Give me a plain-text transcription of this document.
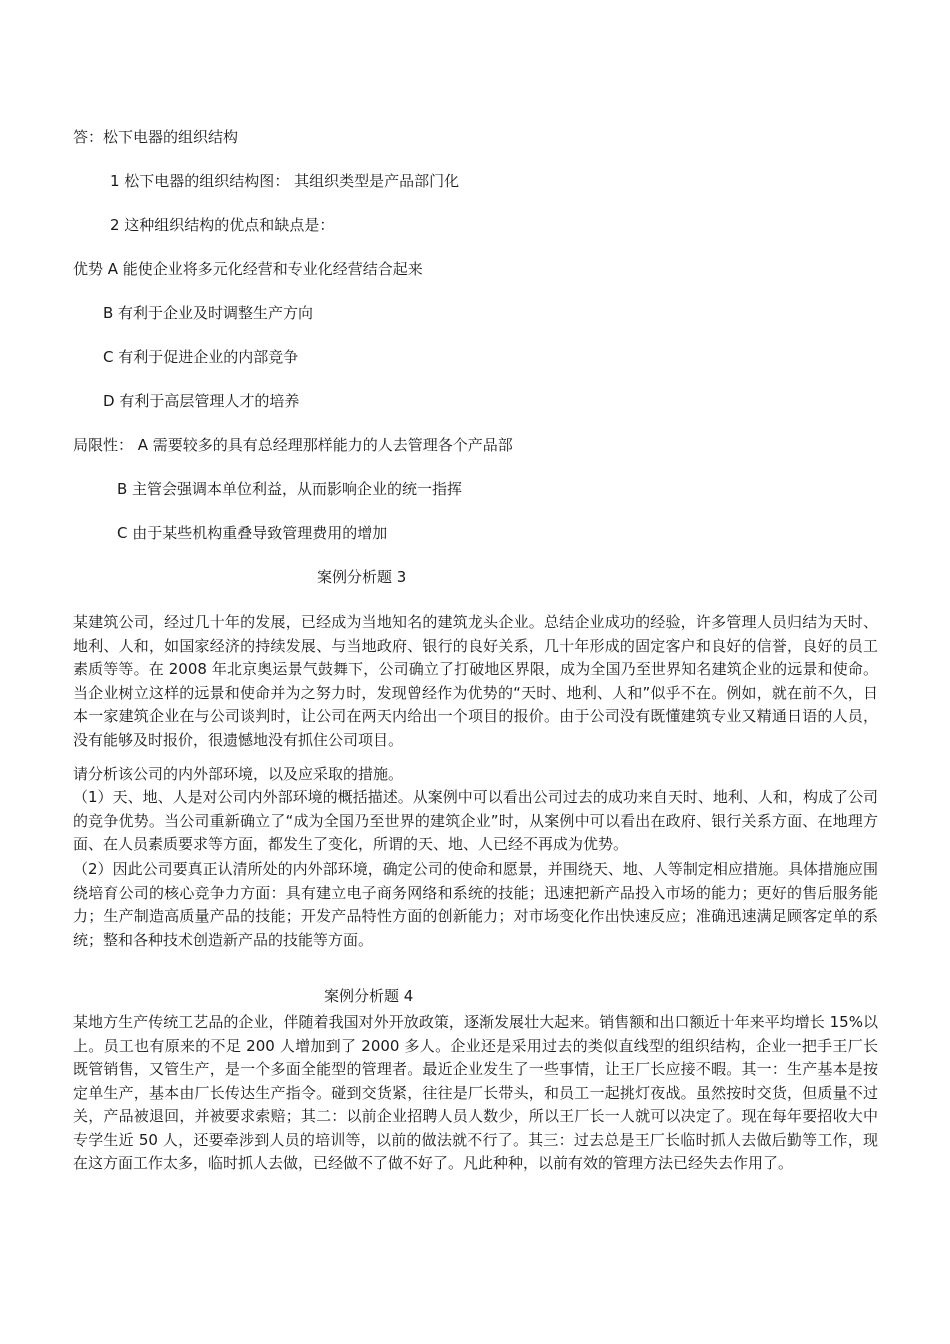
答：松下电器的组织结构
1 松下电器的组织结构图： 其组织类型是产品部门化
2 这种组织结构的优点和缺点是：
优势 A 能使企业将多元化经营和专业化经营结合起来
B 有利于企业及时调整生产方向
C 有利于促进企业的内部竞争
D 有利于高层管理人才的培养
局限性： A 需要较多的具有总经理那样能力的人去管理各个产品部
B 主管会强调本单位利益，从而影响企业的统一指挥
C 由于某些机构重叠导致管理费用的增加
案例分析题 3

某建筑公司，经过几十年的发展，已经成为当地知名的建筑龙头企业。总结企业成功的经验，许多管理人员归结为天时、地利、人和，如国家经济的持续发展、与当地政府、银行的良好关系，几十年形成的固定客户和良好的信誉，良好的员工素质等等。在 2008 年北京奥运景气鼓舞下，公司确立了打破地区界限，成为全国乃至世界知名建筑企业的远景和使命。当企业树立这样的远景和使命并为之努力时，发现曾经作为优势的“天时、地利、人和”似乎不在。例如，就在前不久，日本一家建筑企业在与公司谈判时，让公司在两天内给出一个项目的报价。由于公司没有既懂建筑专业又精通日语的人员，没有能够及时报价，很遗憾地没有抓住公司项目。

请分析该公司的内外部环境，以及应采取的措施。

（1）天、地、人是对公司内外部环境的概括描述。从案例中可以看出公司过去的成功来自天时、地利、人和，构成了公司的竞争优势。当公司重新确立了“成为全国乃至世界的建筑企业”时，从案例中可以看出在政府、银行关系方面、在地理方面、在人员素质要求等方面，都发生了变化，所谓的天、地、人已经不再成为优势。

（2）因此公司要真正认清所处的内外部环境，确定公司的使命和愿景，并围绕天、地、人等制定相应措施。具体措施应围绕培育公司的核心竞争力方面：具有建立电子商务网络和系统的技能；迅速把新产品投入市场的能力；更好的售后服务能力；生产制造高质量产品的技能；开发产品特性方面的创新能力；对市场变化作出快速反应；准确迅速满足顾客定单的系统；整和各种技术创造新产品的技能等方面。

案例分析题 4

某地方生产传统工艺品的企业，伴随着我国对外开放政策，逐渐发展壮大起来。销售额和出口额近十年来平均增长 15%以上。员工也有原来的不足 200 人增加到了 2000 多人。企业还是采用过去的类似直线型的组织结构，企业一把手王厂长既管销售，又管生产，是一个多面全能型的管理者。最近企业发生了一些事情，让王厂长应接不暇。其一：生产基本是按定单生产，基本由厂长传达生产指令。碰到交货紧，往往是厂长带头，和员工一起挑灯夜战。虽然按时交货，但质量不过关，产品被退回，并被要求索赔；其二：以前企业招聘人员人数少，所以王厂长一人就可以决定了。现在每年要招收大中专学生近 50 人，还要牵涉到人员的培训等，以前的做法就不行了。其三：过去总是王厂长临时抓人去做后勤等工作，现在这方面工作太多，临时抓人去做，已经做不了做不好了。凡此种种，以前有效的管理方法已经失去作用了。
